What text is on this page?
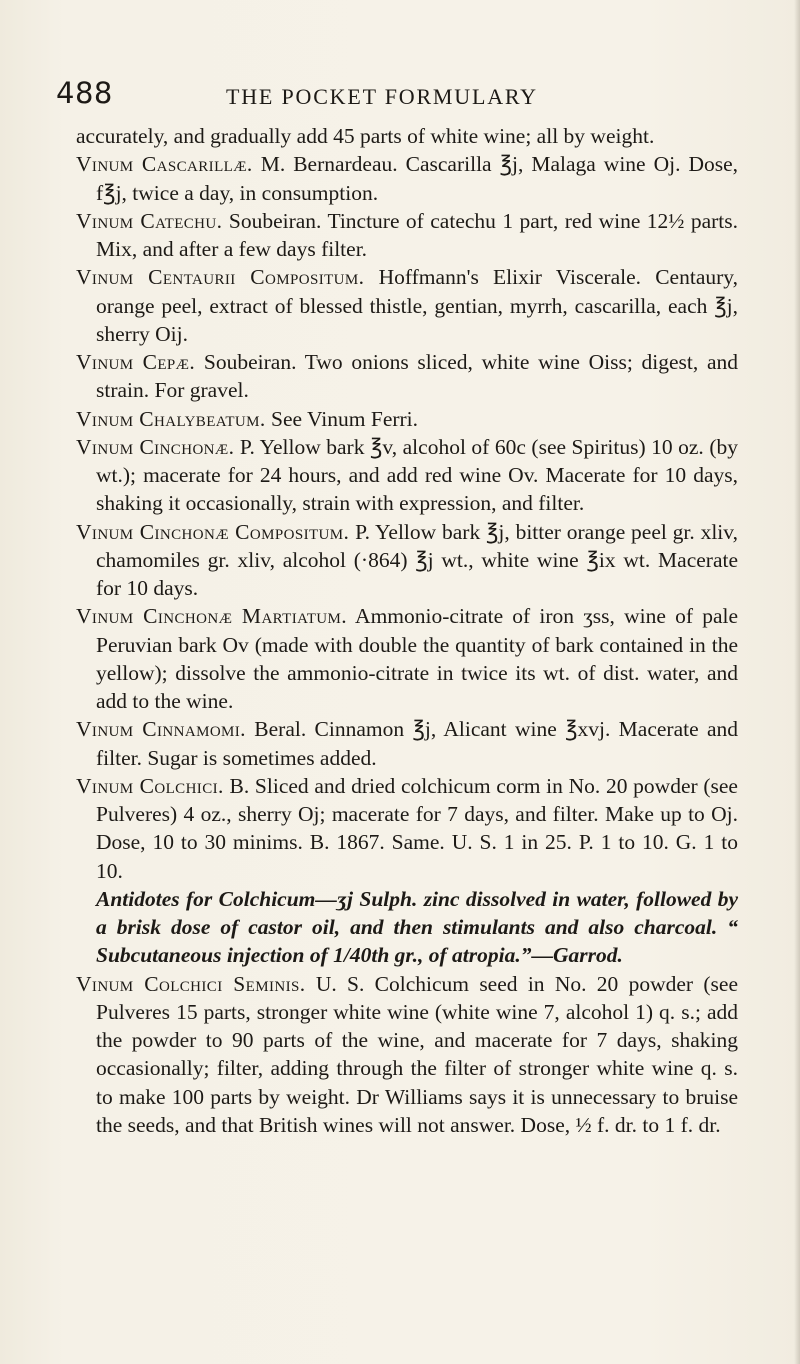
488	THE POCKET FORMULARY

accurately, and gradually add 45 parts of white wine; all by weight.

Vinum Cascarillæ. M. Bernardeau. Cascarilla ℥j, Malaga wine Oj. Dose, f℥j, twice a day, in consumption.

Vinum Catechu. Soubeiran. Tincture of catechu 1 part, red wine 12½ parts. Mix, and after a few days filter.

Vinum Centaurii Compositum. Hoffmann's Elixir Viscerale. Centaury, orange peel, extract of blessed thistle, gentian, myrrh, cascarilla, each ℥j, sherry Oij.

Vinum Cepæ. Soubeiran. Two onions sliced, white wine Oiss; digest, and strain. For gravel.

Vinum Chalybeatum. See Vinum Ferri.

Vinum Cinchonæ. P. Yellow bark ℥v, alcohol of 60c (see Spiritus) 10 oz. (by wt.); macerate for 24 hours, and add red wine Ov. Macerate for 10 days, shaking it occasionally, strain with expression, and filter.

Vinum Cinchonæ Compositum. P. Yellow bark ℥j, bitter orange peel gr. xliv, chamomiles gr. xliv, alcohol (·864) ℥j wt., white wine ℥ix wt. Macerate for 10 days.

Vinum Cinchonæ Martiatum. Ammonio-citrate of iron ʒss, wine of pale Peruvian bark Ov (made with double the quantity of bark contained in the yellow); dissolve the ammonio-citrate in twice its wt. of dist. water, and add to the wine.

Vinum Cinnamomi. Beral. Cinnamon ℥j, Alicant wine ℥xvj. Macerate and filter. Sugar is sometimes added.

Vinum Colchici. B. Sliced and dried colchicum corm in No. 20 powder (see Pulveres) 4 oz., sherry Oj; macerate for 7 days, and filter. Make up to Oj. Dose, 10 to 30 minims. B. 1867. Same. U. S. 1 in 25. P. 1 to 10. G. 1 to 10.

Antidotes for Colchicum—ʒj Sulph. zinc dissolved in water, followed by a brisk dose of castor oil, and then stimulants and also charcoal. “ Subcutaneous injection of 1/40th gr., of atropia.”—Garrod.

Vinum Colchici Seminis. U. S. Colchicum seed in No. 20 powder (see Pulveres 15 parts, stronger white wine (white wine 7, alcohol 1) q. s.; add the powder to 90 parts of the wine, and macerate for 7 days, shaking occasionally; filter, adding through the filter of stronger white wine q. s. to make 100 parts by weight. Dr Williams says it is unnecessary to bruise the seeds, and that British wines will not answer. Dose, ½ f. dr. to 1 f. dr.
